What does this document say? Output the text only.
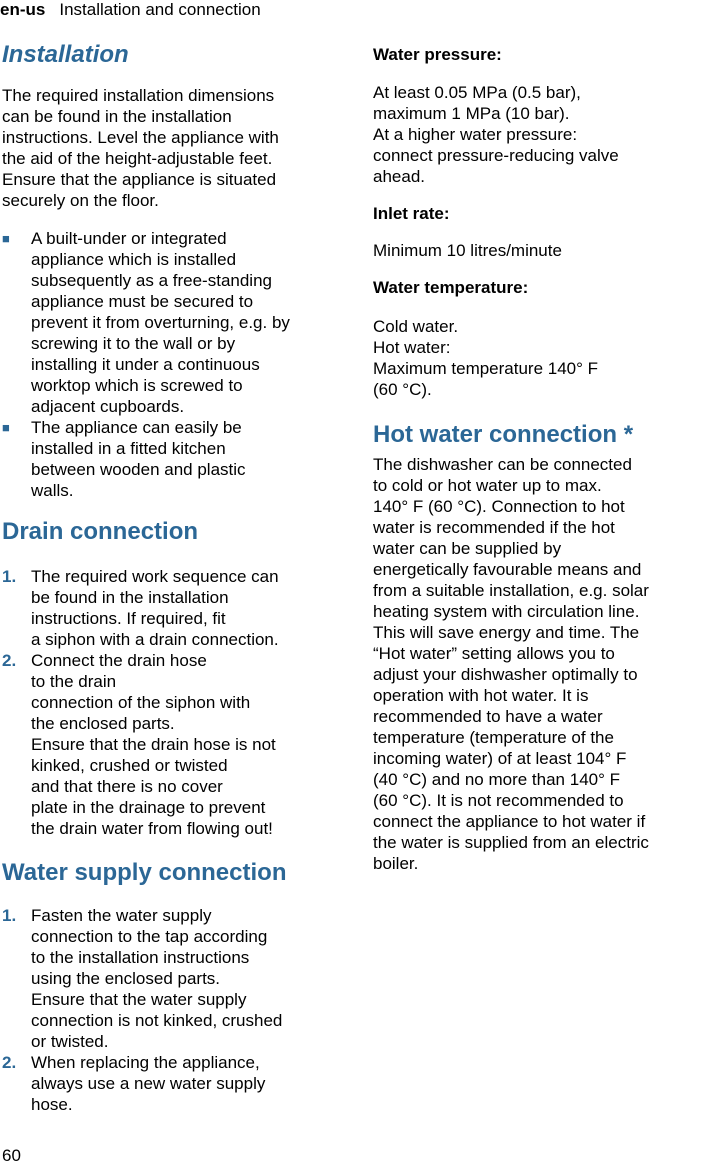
en-us Installation and connection
Installation

The required installation dimensions

can be found in the installation

instructions. Level the appliance with

the aid of the height-adjustable feet.

Ensure that the appliance is situated

securely on the floor.

■ A built-under or integrated

appliance which is installed

subsequently as a free-standing

appliance must be secured to

prevent it from overturning, e.g. by

screwing it to the wall or by

installing it under a continuous

worktop which is screwed to

adjacent cupboards.

■ The appliance can easily be

installed in a fitted kitchen

between wooden and plastic

walls.

Drain connection
1. The required work sequence can

be found in the installation

instructions. If required, fit

a siphon with a drain connection.

2. Connect the drain hose

to the drain

connection of the siphon with

the enclosed parts.

Ensure that the drain hose is not

kinked, crushed or twisted

and that there is no cover

plate in the drainage to prevent

the drain water from flowing out!

Water supply connection
1. Fasten the water supply

connection to the tap according

to the installation instructions

using the enclosed parts.

Ensure that the water supply

connection is not kinked, crushed

or twisted.

2. When replacing the appliance,

always use a new water supply

hose.

Water pressure:

At least 0.05 MPa (0.5 bar),

maximum 1 MPa (10 bar).

At a higher water pressure:

connect pressure-reducing valve

ahead.

Inlet rate:

Minimum 10 litres/minute

Water temperature:

Cold water.

Hot water:

Maximum temperature 140° F

(60 °C).

Hot water connection *

The dishwasher can be connected

to cold or hot water up to max.

140° F (60 °C). Connection to hot

water is recommended if the hot

water can be supplied by

energetically favourable means and

from a suitable installation, e.g. solar

heating system with circulation line.

This will save energy and time. The

“Hot water” setting allows you to

adjust your dishwasher optimally to

operation with hot water. It is

recommended to have a water

temperature (temperature of the

incoming water) of at least 104° F

(40 °C) and no more than 140° F

(60 °C). It is not recommended to

connect the appliance to hot water if

the water is supplied from an electric

boiler.

60
